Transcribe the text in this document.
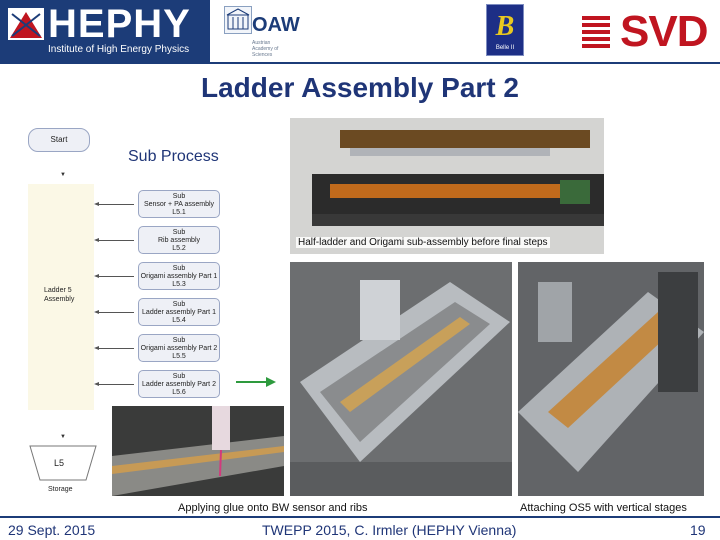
HEPHY
Institute of High Energy Physics
OAW
Austrian Academy of Sciences
B
Belle II SVD
Ladder Assembly Part 2
Start
▼
Ladder 5 Assembly
Sub
Sensor + PA assembly
L5.1
Sub
Rib assembly
L5.2
Sub
Origami assembly Part 1
L5.3
Sub
Ladder assembly Part 1
L5.4
Sub
Origami assembly Part 2
L5.5
Sub
Ladder assembly Part 2
L5.6
▼
L5
Storage
Sub Process
Half-ladder and Origami sub-assembly before final steps
Applying glue onto BW sensor and ribs	Attaching OS5 with vertical stages
29 Sept. 2015	TWEPP 2015, C. Irmler (HEPHY Vienna)	19
